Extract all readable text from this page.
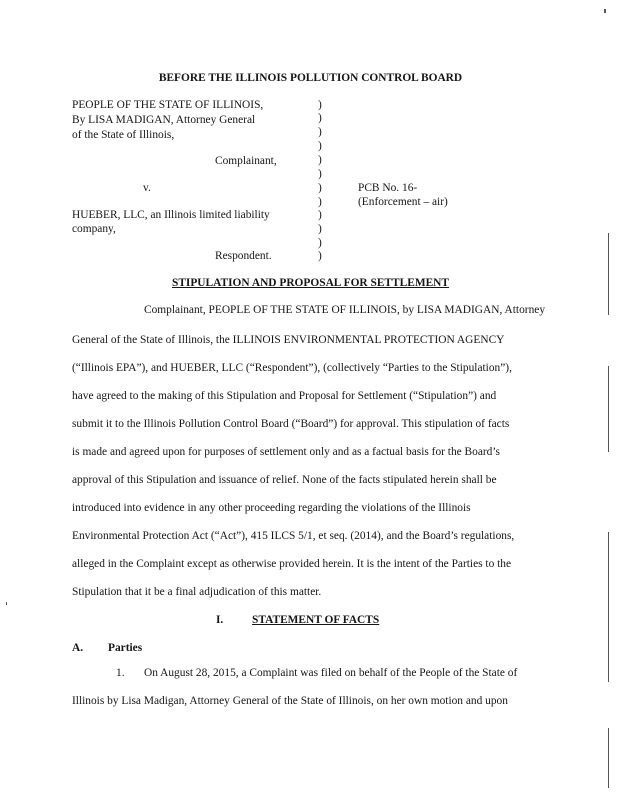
BEFORE THE ILLINOIS POLLUTION CONTROL BOARD
PEOPLE OF THE STATE OF ILLINOIS,
By LISA MADIGAN, Attorney General
of the State of Illinois,
Complainant,
v.	PCB No. 16-
(Enforcement – air)
HUEBER, LLC, an Illinois limited liability
company,
Respondent.
)
)
)
)
)
)
)
)
)
)
)
)
STIPULATION AND PROPOSAL FOR SETTLEMENT
Complainant, PEOPLE OF THE STATE OF ILLINOIS, by LISA MADIGAN, Attorney
General of the State of Illinois, the ILLINOIS ENVIRONMENTAL PROTECTION AGENCY
(“Illinois EPA”), and HUEBER, LLC (“Respondent”), (collectively “Parties to the Stipulation”),
have agreed to the making of this Stipulation and Proposal for Settlement (“Stipulation”) and
submit it to the Illinois Pollution Control Board (“Board”) for approval. This stipulation of facts
is made and agreed upon for purposes of settlement only and as a factual basis for the Board’s
approval of this Stipulation and issuance of relief. None of the facts stipulated herein shall be
introduced into evidence in any other proceeding regarding the violations of the Illinois
Environmental Protection Act (“Act”), 415 ILCS 5/1, et seq. (2014), and the Board’s regulations,
alleged in the Complaint except as otherwise provided herein. It is the intent of the Parties to the
Stipulation that it be a final adjudication of this matter.
I.	STATEMENT OF FACTS
A. Parties
1. On August 28, 2015, a Complaint was filed on behalf of the People of the State of
Illinois by Lisa Madigan, Attorney General of the State of Illinois, on her own motion and upon
